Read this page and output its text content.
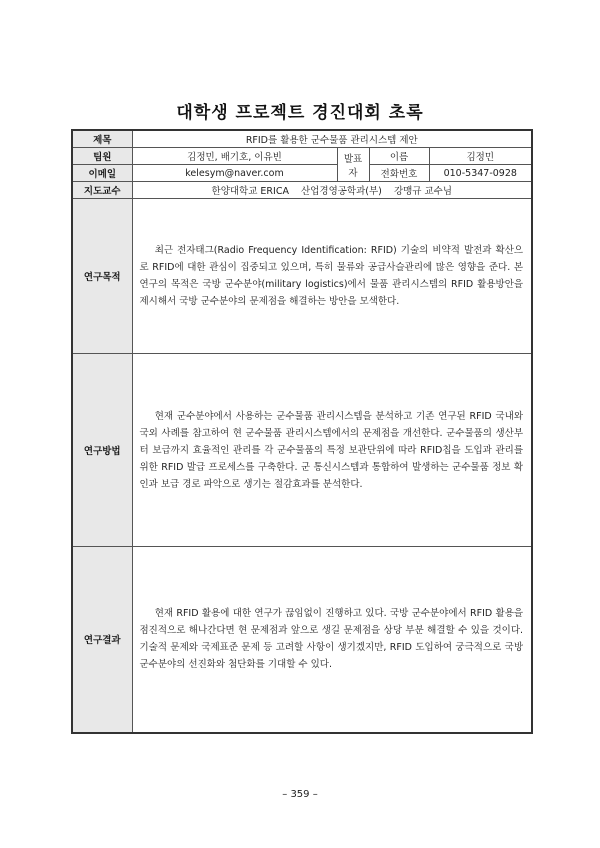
대학생 프로젝트 경진대회 초록
제목	RFID를 활용한 군수물품 관리시스템 제안			
팀원	김정민, 배기호, 이유빈	발표자	이름	김정민
이메일	kelesym@naver.com		전화번호	010-5347-0928
지도교수	한양대학교 ERICA    산업경영공학과(부)    강맹규 교수님			
연구목적	최근 전자태그(Radio Frequency Identification: RFID) 기술의 비약적 발전과 확산으로 RFID에 대한 관심이 집중되고 있으며, 특히 물류와 공급사슬관리에 많은 영향을 준다. 본 연구의 목적은 국방 군수분야(military logistics)에서 물품 관리시스템의 RFID 활용방안을 제시해서 국방 군수분야의 문제점을 해결하는 방안을 모색한다.			

연구방법	현재 군수분야에서 사용하는 군수물품 관리시스템을 분석하고 기존 연구된 RFID 국내와 국외 사례를 참고하여 현 군수물품 관리시스템에서의 문제점을 개선한다. 군수물품의 생산부터 보급까지 효율적인 관리를 각 군수물품의 특정 보관단위에 따라 RFID칩을 도입과 관리를 위한 RFID 발급 프로세스를 구축한다. 군 통신시스템과 통합하여 발생하는 군수물품 정보 확인과 보급 경로 파악으로 생기는 절감효과를 분석한다.			

연구결과	현재 RFID 활용에 대한 연구가 끊임없이 진행하고 있다. 국방 군수분야에서 RFID 활용을 점진적으로 해나간다면 현 문제점과 앞으로 생길 문제점을 상당 부분 해결할 수 있을 것이다. 기술적 문제와 국제표준 문제 등 고려할 사항이 생기겠지만, RFID 도입하여 궁극적으로 국방 군수분야의 선진화와 첨단화를 기대할 수 있다.			
– 359 –
